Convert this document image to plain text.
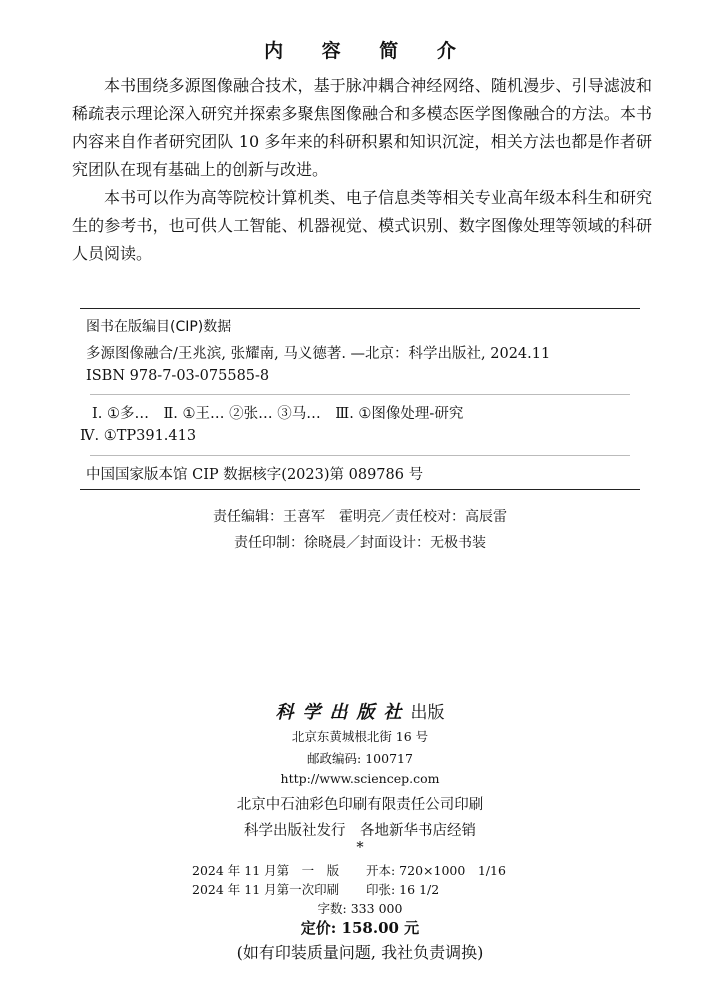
内 容 简 介

本书围绕多源图像融合技术，基于脉冲耦合神经网络、随机漫步、引导滤波和稀疏表示理论深入研究并探索多聚焦图像融合和多模态医学图像融合的方法。本书内容来自作者研究团队 10 多年来的科研积累和知识沉淀，相关方法也都是作者研究团队在现有基础上的创新与改进。

本书可以作为高等院校计算机类、电子信息类等相关专业高年级本科生和研究生的参考书，也可供人工智能、机器视觉、模式识别、数字图像处理等领域的科研人员阅读。

图书在版编目(CIP)数据
多源图像融合/王兆滨, 张耀南, 马义德著. —北京：科学出版社, 2024.11
ISBN 978-7-03-075585-8
Ⅰ. ①多…　Ⅱ. ①王… ②张… ③马…　Ⅲ. ①图像处理-研究
Ⅳ. ①TP391.413
中国国家版本馆 CIP 数据核字(2023)第 089786 号
责任编辑：王喜军　霍明亮／责任校对：高辰雷
责任印制：徐晓晨／封面设计：无极书装
科学出版社出版
北京东黄城根北街 16 号
邮政编码: 100717
http://www.sciencep.com
北京中石油彩色印刷有限责任公司印刷
科学出版社发行　各地新华书店经销
*
2024 年 11 月第　一　版 开本: 720×1000　1/16
2024 年 11 月第一次印刷 印张: 16 1/2
字数: 333 000
定价: 158.00 元
(如有印装质量问题, 我社负责调换)
